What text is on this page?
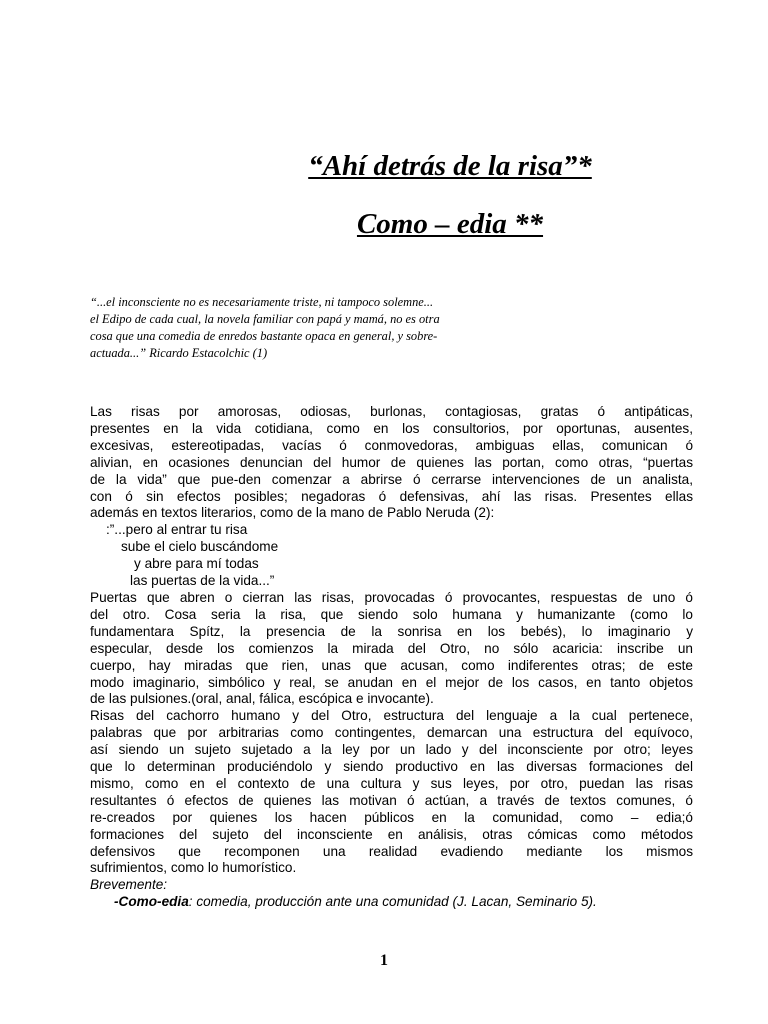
“Ahí detrás de la risa”*
Como – edia **
“...el inconsciente no es necesariamente triste, ni tampoco solemne...
el Edipo de cada cual, la novela familiar con papá y mamá, no es otra
cosa que una comedia de enredos bastante opaca en general, y sobre-
actuada...” Ricardo Estacolchic (1)
Las risas por amorosas, odiosas, burlonas, contagiosas, gratas ó antipáticas,
presentes en la vida cotidiana, como en los consultorios, por oportunas, ausentes,
excesivas, estereotipadas, vacías ó conmovedoras, ambiguas ellas, comunican ó
alivian, en ocasiones denuncian del humor de quienes las portan, como otras, “puertas
de la vida” que pue-den comenzar a abrirse ó cerrarse intervenciones de un analista,
con ó sin efectos posibles; negadoras ó defensivas, ahí las risas. Presentes ellas
además en textos literarios, como de la mano de Pablo Neruda (2):
:”...pero al entrar tu risa
sube el cielo buscándome
y abre para mí todas
las puertas de la vida...”
Puertas que abren o cierran las risas, provocadas ó provocantes, respuestas de uno ó
del otro. Cosa seria la risa, que siendo solo humana y humanizante (como lo
fundamentara Spítz, la presencia de la sonrisa en los bebés), lo imaginario y
especular, desde los comienzos la mirada del Otro, no sólo acaricia: inscribe un
cuerpo, hay miradas que rien, unas que acusan, como indiferentes otras; de este
modo imaginario, simbólico y real, se anudan en el mejor de los casos, en tanto objetos
de las pulsiones.(oral, anal, fálica, escópica e invocante).
Risas del cachorro humano y del Otro, estructura del lenguaje a la cual pertenece,
palabras que por arbitrarias como contingentes, demarcan una estructura del equívoco,
así siendo un sujeto sujetado a la ley por un lado y del inconsciente por otro; leyes
que lo determinan produciéndolo y siendo productivo en las diversas formaciones del
mismo, como en el contexto de una cultura y sus leyes, por otro, puedan las risas
resultantes ó efectos de quienes las motivan ó actúan, a través de textos comunes, ó
re-creados por quienes los hacen públicos en la comunidad, como – edia;ó
formaciones del sujeto del inconsciente en análisis, otras cómicas como métodos
defensivos que recomponen una realidad evadiendo mediante los mismos
sufrimientos, como lo humorístico.
Brevemente:
-Como-edia: comedia, producción ante una comunidad (J. Lacan, Seminario 5).
1
